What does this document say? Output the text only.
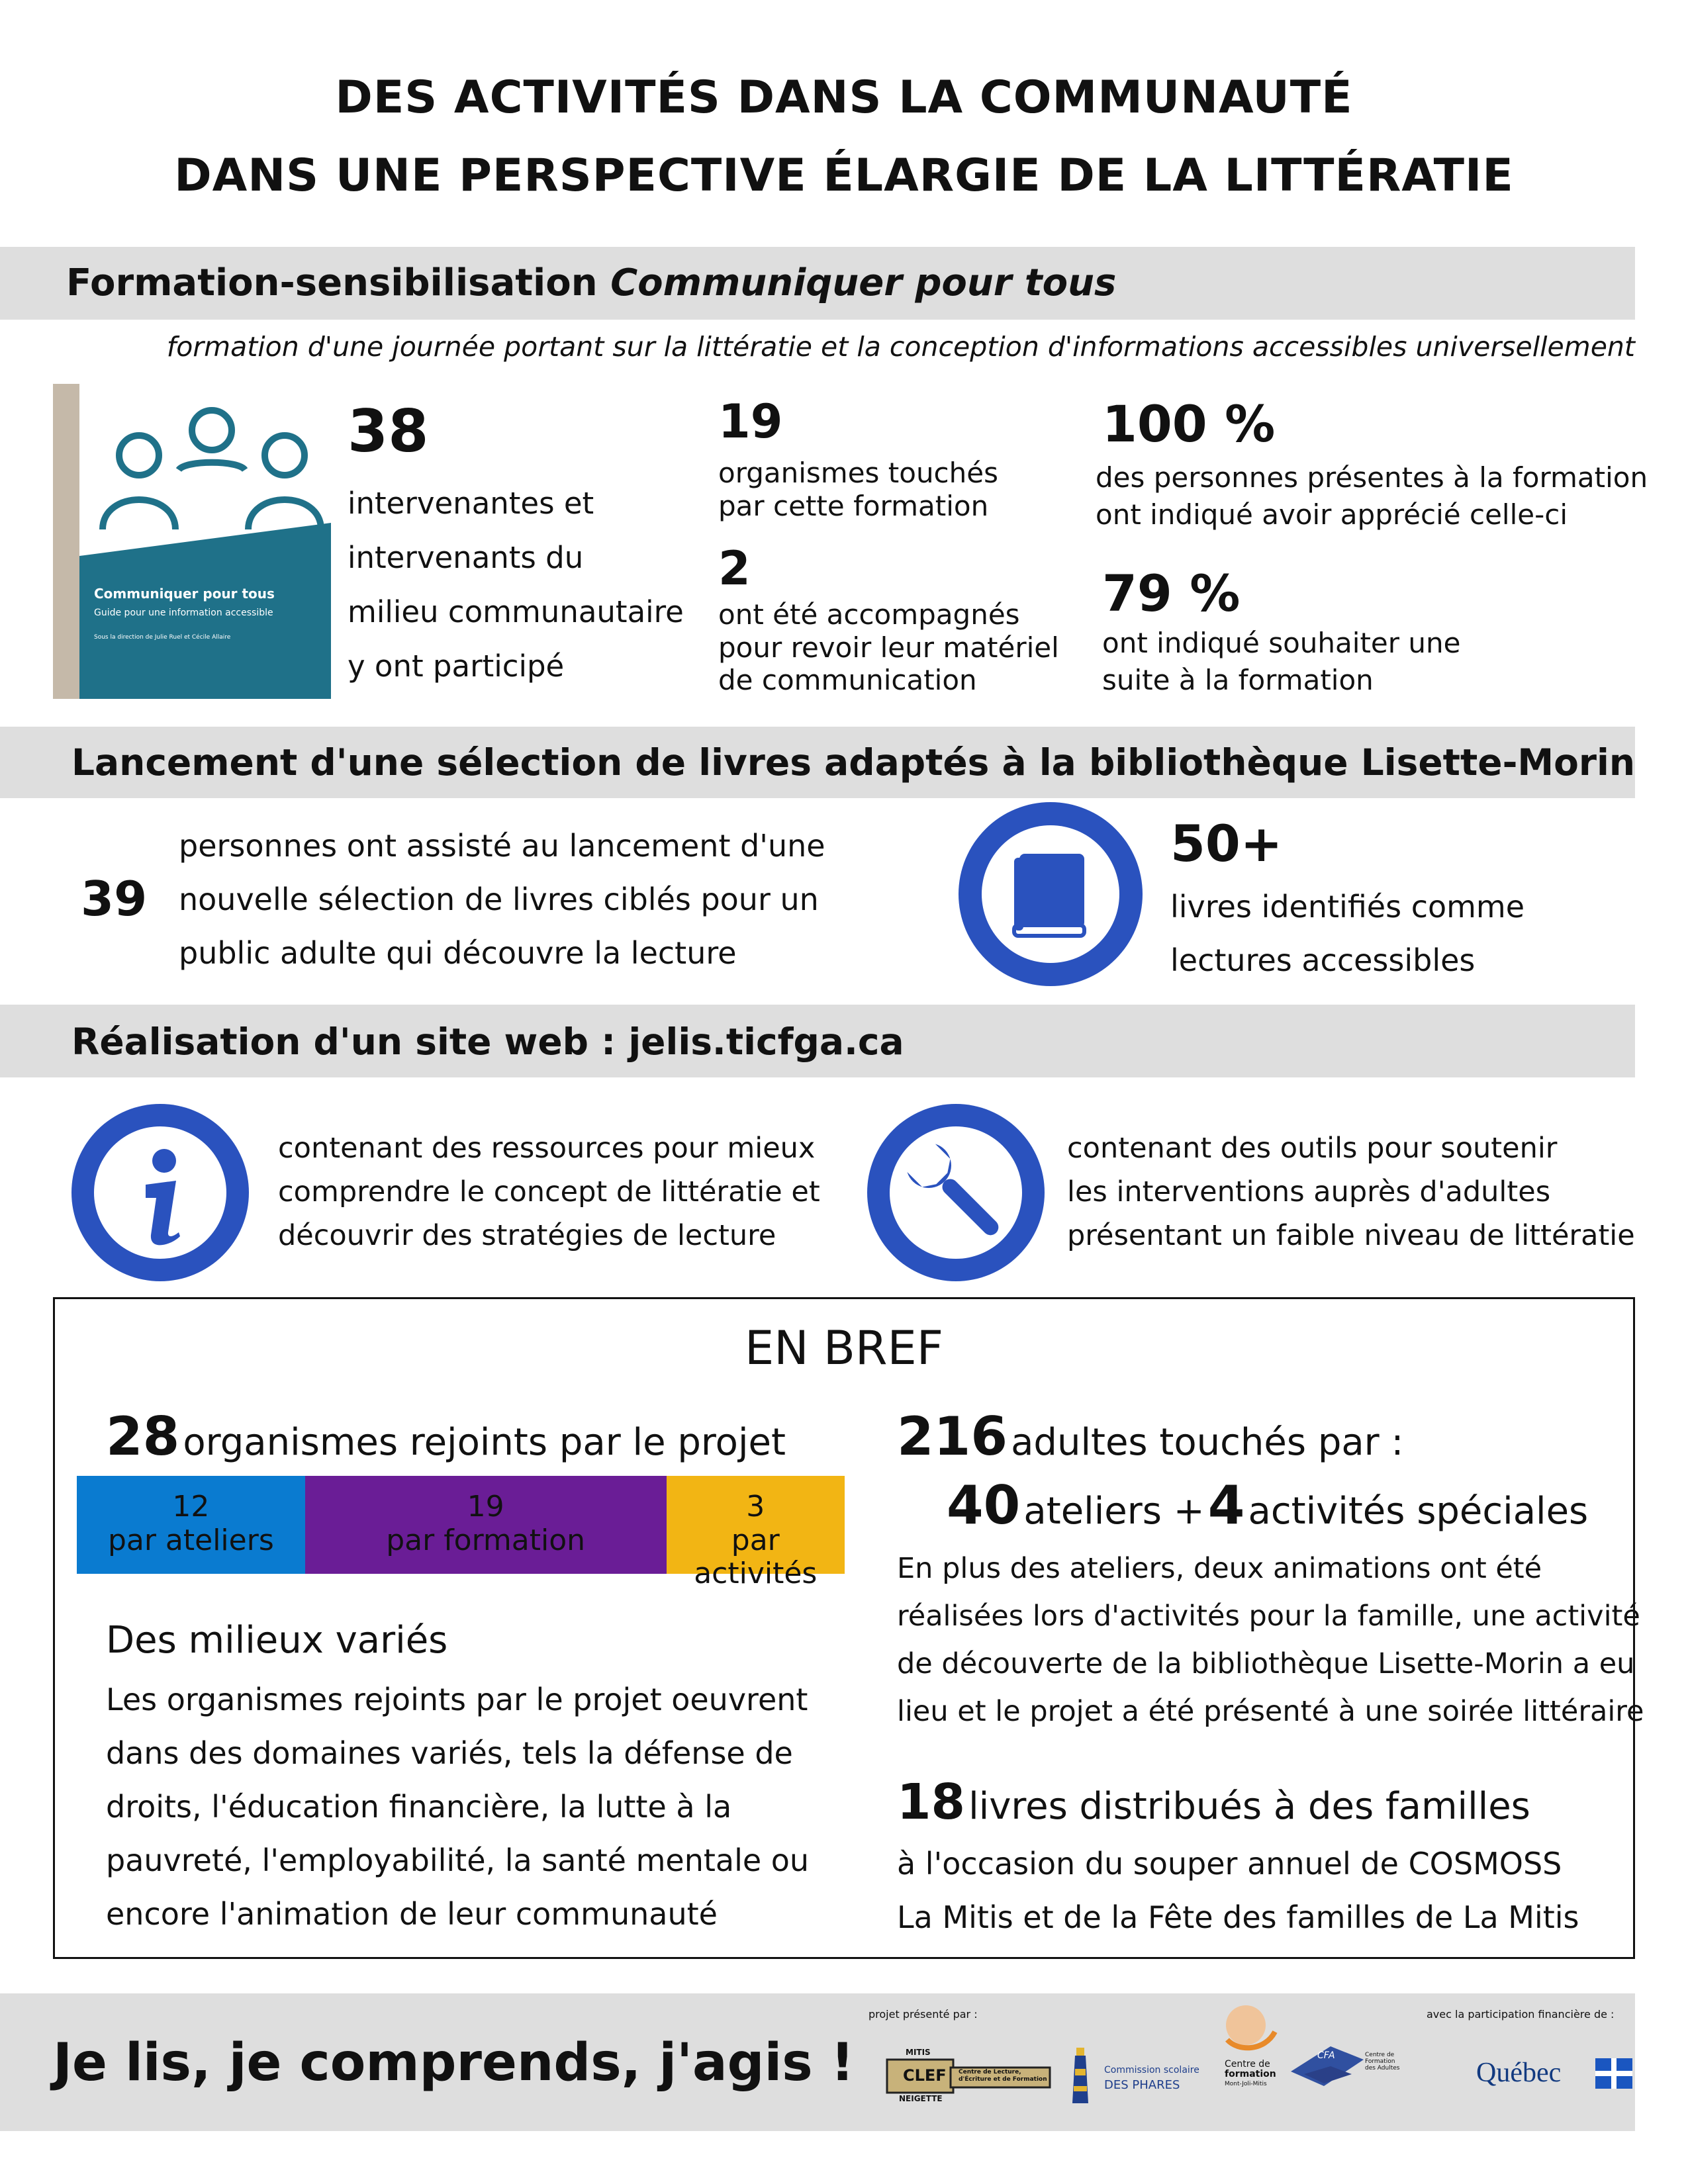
DES ACTIVITÉS DANS LA COMMUNAUTÉ
DANS UNE PERSPECTIVE ÉLARGIE DE LA LITTÉRATIE
Formation-sensibilisation Communiquer pour tous
formation d'une journée portant sur la littératie et la conception d'informations accessibles universellement
Communiquer pour tous
Guide pour une information accessible
Sous la direction de Julie Ruel et Cécile Allaire
38
intervenantes et
intervenants du
milieu communautaire
y ont participé
19
organismes touchés
par cette formation
2
ont été accompagnés
pour revoir leur matériel
de communication
100 %
des personnes présentes à la formation
ont indiqué avoir apprécié celle-ci
79 %
ont indiqué souhaiter une
suite à la formation
Lancement d'une sélection de livres adaptés à la bibliothèque Lisette-Morin
39
personnes ont assisté au lancement d'une
nouvelle sélection de livres ciblés pour un
public adulte qui découvre la lecture
50+
livres identifiés comme
lectures accessibles
Réalisation d'un site web : jelis.ticfga.ca
contenant des ressources pour mieux
comprendre le concept de littératie et
découvrir des stratégies de lecture
contenant des outils pour soutenir
les interventions auprès d'adultes
présentant un faible niveau de littératie
EN BREF
28 organismes rejoints par le projet
12
par ateliers
19
par formation
3
par activités
Des milieux variés
Les organismes rejoints par le projet oeuvrent
dans des domaines variés, tels la défense de
droits, l'éducation financière, la lutte à la
pauvreté, l'employabilité, la santé mentale ou
encore l'animation de leur communauté
216 adultes touchés par :
40 ateliers + 4 activités spéciales
En plus des ateliers, deux animations ont été
réalisées lors d'activités pour la famille, une activité
de découverte de la bibliothèque Lisette-Morin a eu
lieu et le projet a été présenté à une soirée littéraire
18 livres distribués à des familles
à l'occasion du souper annuel de COSMOSS
La Mitis et de la Fête des familles de La Mitis
Je lis, je comprends, j'agis !
projet présenté par :	avec la participation financière de :
MITIS
CLEF
NEIGETTE
Centre de Lecture, d'Écriture et de Formation
Commission scolaire
DES PHARES
Centre de
formation
Mont-Joli-Mitis
CFA	Centre de Formation des Adultes	Québec
